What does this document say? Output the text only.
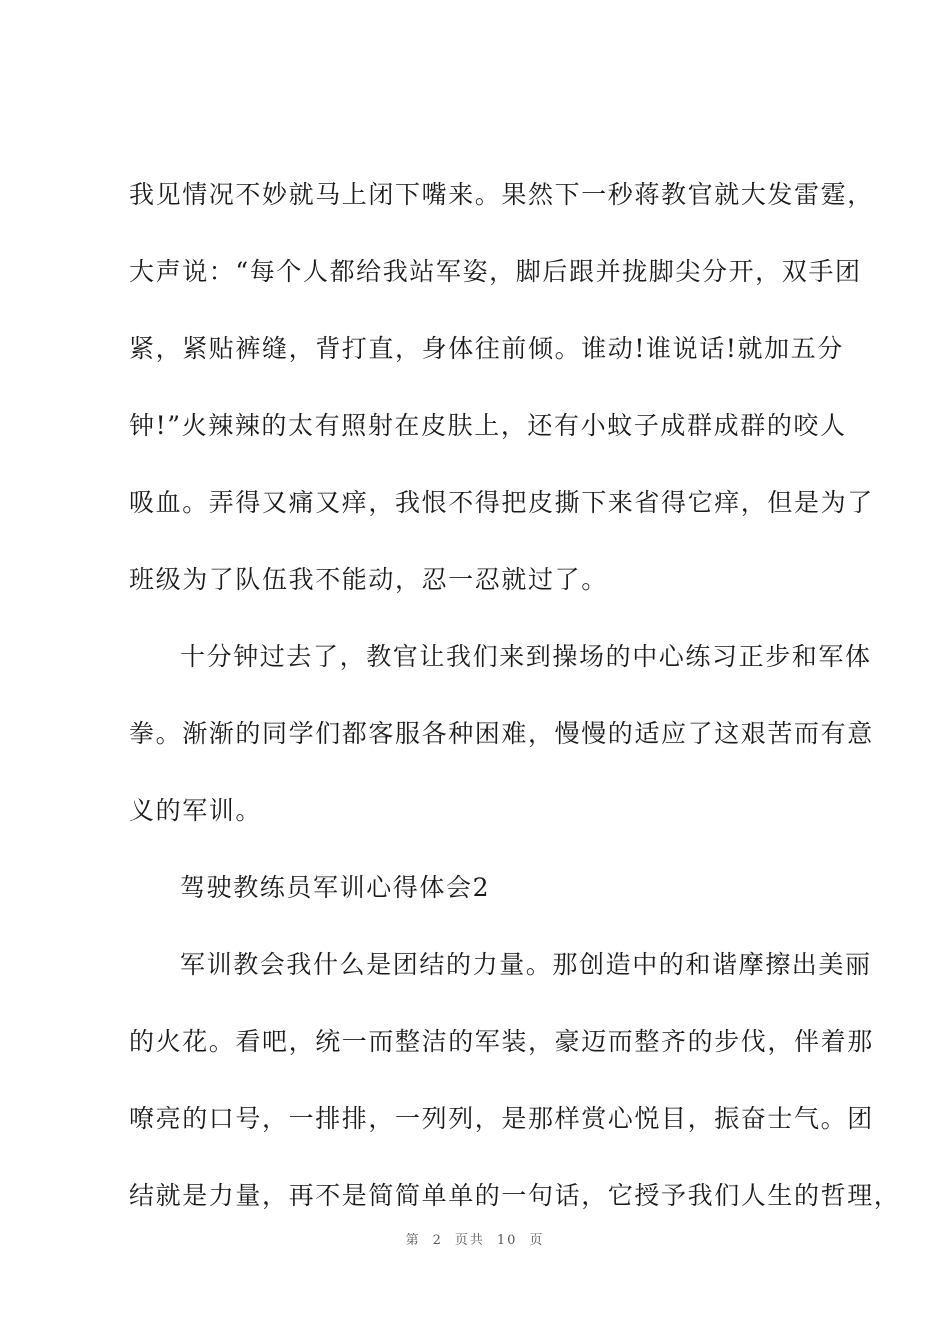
我见情况不妙就马上闭下嘴来。果然下一秒蒋教官就大发雷霆，
大声说：“每个人都给我站军姿，脚后跟并拢脚尖分开，双手团
紧，紧贴裤缝，背打直，身体往前倾。谁动!谁说话!就加五分
钟!”火辣辣的太有照射在皮肤上，还有小蚊子成群成群的咬人
吸血。弄得又痛又痒，我恨不得把皮撕下来省得它痒，但是为了
班级为了队伍我不能动，忍一忍就过了。
十分钟过去了，教官让我们来到操场的中心练习正步和军体
拳。渐渐的同学们都客服各种困难，慢慢的适应了这艰苦而有意
义的军训。
驾驶教练员军训心得体会2
军训教会我什么是团结的力量。那创造中的和谐摩擦出美丽
的火花。看吧，统一而整洁的军装，豪迈而整齐的步伐，伴着那
嘹亮的口号，一排排，一列列，是那样赏心悦目，振奋士气。团
结就是力量，再不是简简单单的一句话，它授予我们人生的哲理，
第 2 页共 10 页
